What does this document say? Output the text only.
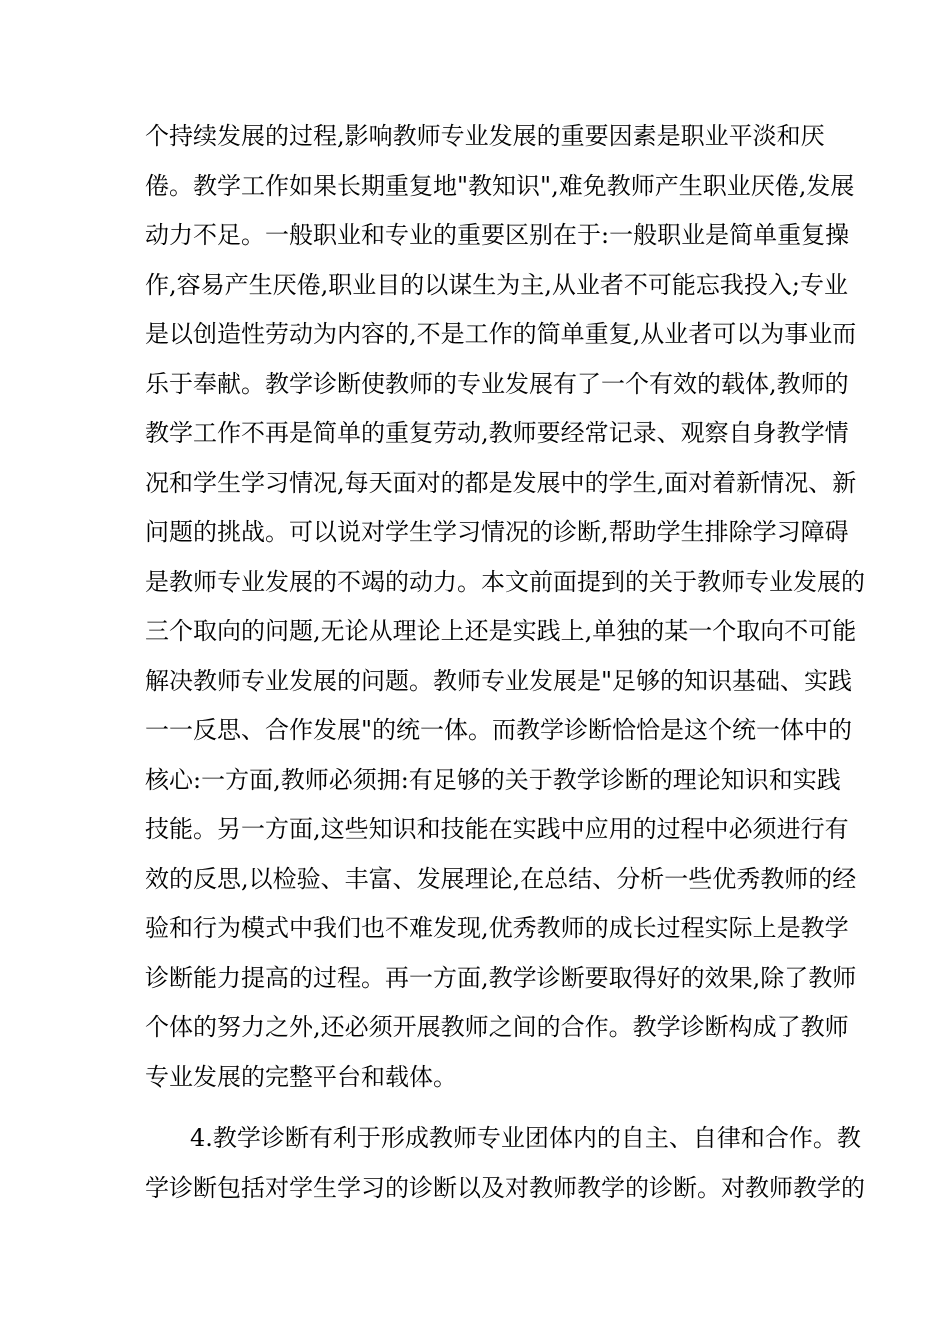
个持续发展的过程,影响教师专业发展的重要因素是职业平淡和厌
倦。教学工作如果长期重复地"教知识",难免教师产生职业厌倦,发展
动力不足。一般职业和专业的重要区别在于:一般职业是简单重复操
作,容易产生厌倦,职业目的以谋生为主,从业者不可能忘我投入;专业
是以创造性劳动为内容的,不是工作的简单重复,从业者可以为事业而
乐于奉献。教学诊断使教师的专业发展有了一个有效的载体,教师的
教学工作不再是简单的重复劳动,教师要经常记录、观察自身教学情
况和学生学习情况,每天面对的都是发展中的学生,面对着新情况、新
问题的挑战。可以说对学生学习情况的诊断,帮助学生排除学习障碍
是教师专业发展的不竭的动力。本文前面提到的关于教师专业发展的
三个取向的问题,无论从理论上还是实践上,单独的某一个取向不可能
解决教师专业发展的问题。教师专业发展是"足够的知识基础、实践
一一反思、合作发展"的统一体。而教学诊断恰恰是这个统一体中的
核心:一方面,教师必须拥:有足够的关于教学诊断的理论知识和实践
技能。另一方面,这些知识和技能在实践中应用的过程中必须进行有
效的反思,以检验、丰富、发展理论,在总结、分析一些优秀教师的经
验和行为模式中我们也不难发现,优秀教师的成长过程实际上是教学
诊断能力提高的过程。再一方面,教学诊断要取得好的效果,除了教师
个体的努力之外,还必须开展教师之间的合作。教学诊断构成了教师
专业发展的完整平台和载体。
4.教学诊断有利于形成教师专业团体内的自主、自律和合作。教
学诊断包括对学生学习的诊断以及对教师教学的诊断。对教师教学的
